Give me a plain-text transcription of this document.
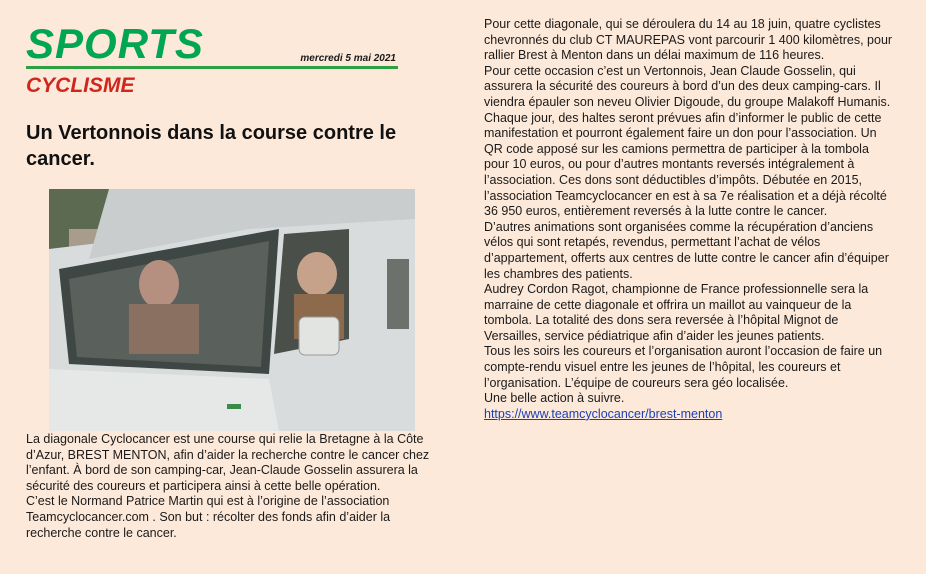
SPORTS	mercredi 5 mai 2021
CYCLISME
Un Vertonnois dans la course contre le cancer.

La diagonale Cyclocancer est une course qui relie la Bretagne à la Côte d’Azur, BREST MENTON, afin d’aider la recherche contre le cancer chez l’enfant. À bord de son camping-car, Jean-Claude Gosselin assurera la sécurité des coureurs et participera ainsi à cette belle opération.

C’est le Normand Patrice Martin qui est à l’origine de l’association Teamcyclocancer.com . Son but : récolter des fonds afin d’aider la recherche contre le cancer.

Pour cette diagonale, qui se déroulera du 14 au 18 juin, quatre cyclistes chevronnés du club CT MAUREPAS vont parcourir 1 400 kilomètres, pour rallier Brest à Menton dans un délai maximum de 116 heures.

Pour cette occasion c’est un Vertonnois, Jean Claude Gosselin, qui assurera la sécurité des coureurs à bord d’un des deux camping-cars. Il viendra épauler son neveu Olivier Digoude, du groupe Malakoff Humanis.

Chaque jour, des haltes seront prévues afin d’informer le public de cette manifestation et pourront également faire un don pour l’association. Un QR code apposé sur les camions permettra de participer à la tombola pour 10 euros, ou pour d’autres montants reversés intégralement à l’association. Ces dons sont déductibles d’impôts. Débutée en 2015, l’association Teamcyclocancer en est à sa 7e réalisation et a déjà récolté 36 950 euros, entièrement reversés à la lutte contre le cancer.

D’autres animations sont organisées comme la récupération d’anciens vélos qui sont retapés, revendus, permettant l’achat de vélos d’appartement, offerts aux centres de lutte contre le cancer afin d’équiper les chambres des patients.

Audrey Cordon Ragot, championne de France professionnelle sera la marraine de cette diagonale et offrira un maillot au vainqueur de la tombola. La totalité des dons sera reversée à l’hôpital Mignot de Versailles, service pédiatrique afin d’aider les jeunes patients.

Tous les soirs les coureurs et l’organisation auront l’occasion de faire un compte-rendu visuel entre les jeunes de l’hôpital, les coureurs et l’organisation. L’équipe de coureurs sera géo localisée.

Une belle action à suivre.

https://www.teamcyclocancer/brest-menton
